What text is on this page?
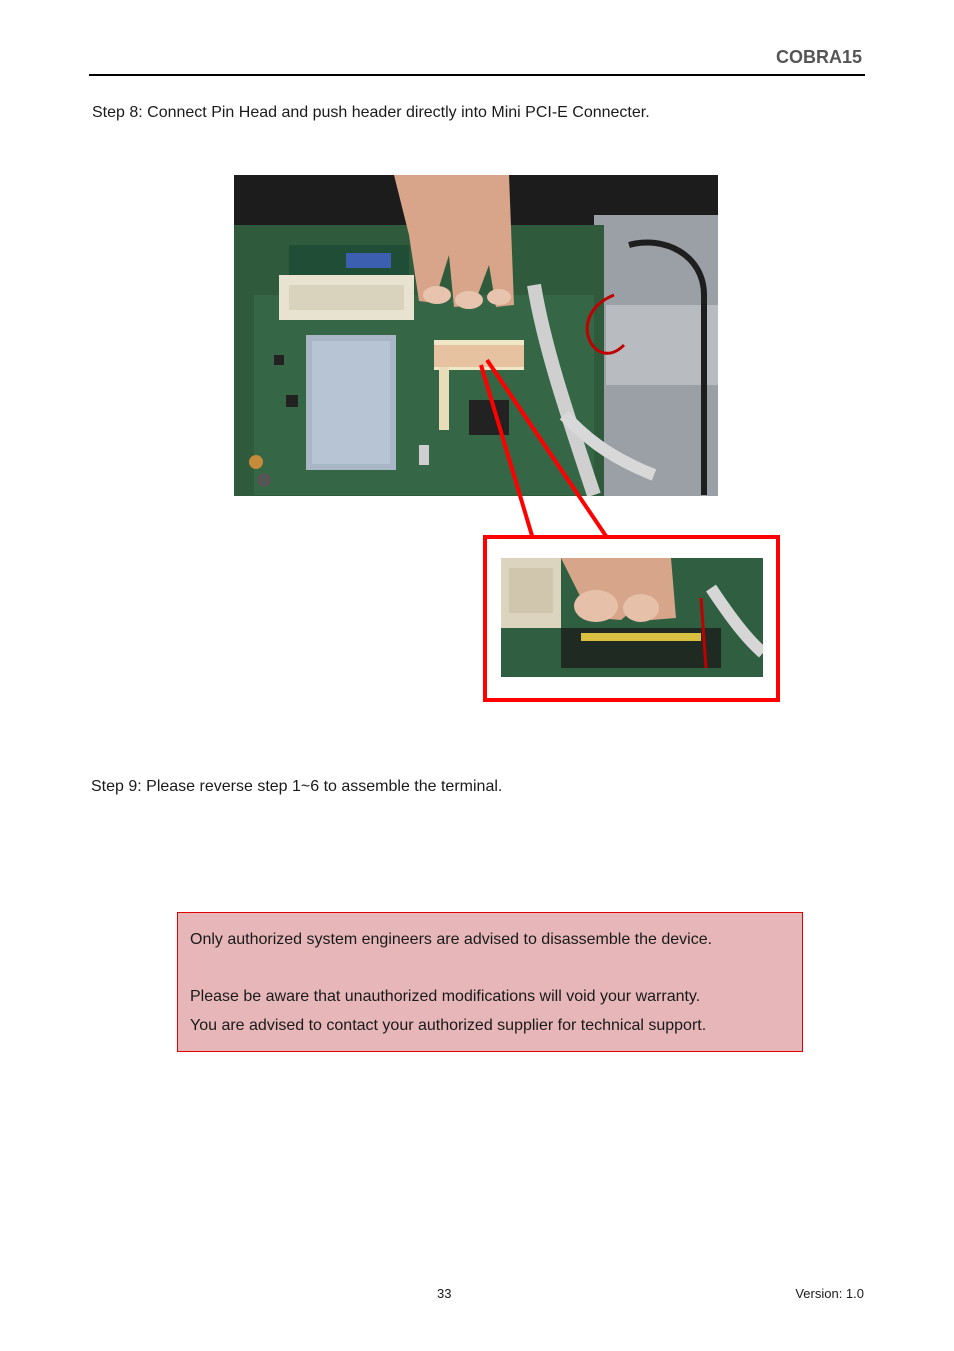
COBRA15
Step 8: Connect Pin Head and push header directly into Mini PCI-E Connecter.
Step 9: Please reverse step 1~6 to assemble the terminal.
Only authorized system engineers are advised to disassemble the device.
Please be aware that unauthorized modifications will void your warranty.
You are advised to contact your authorized supplier for technical support.
33	Version: 1.0
